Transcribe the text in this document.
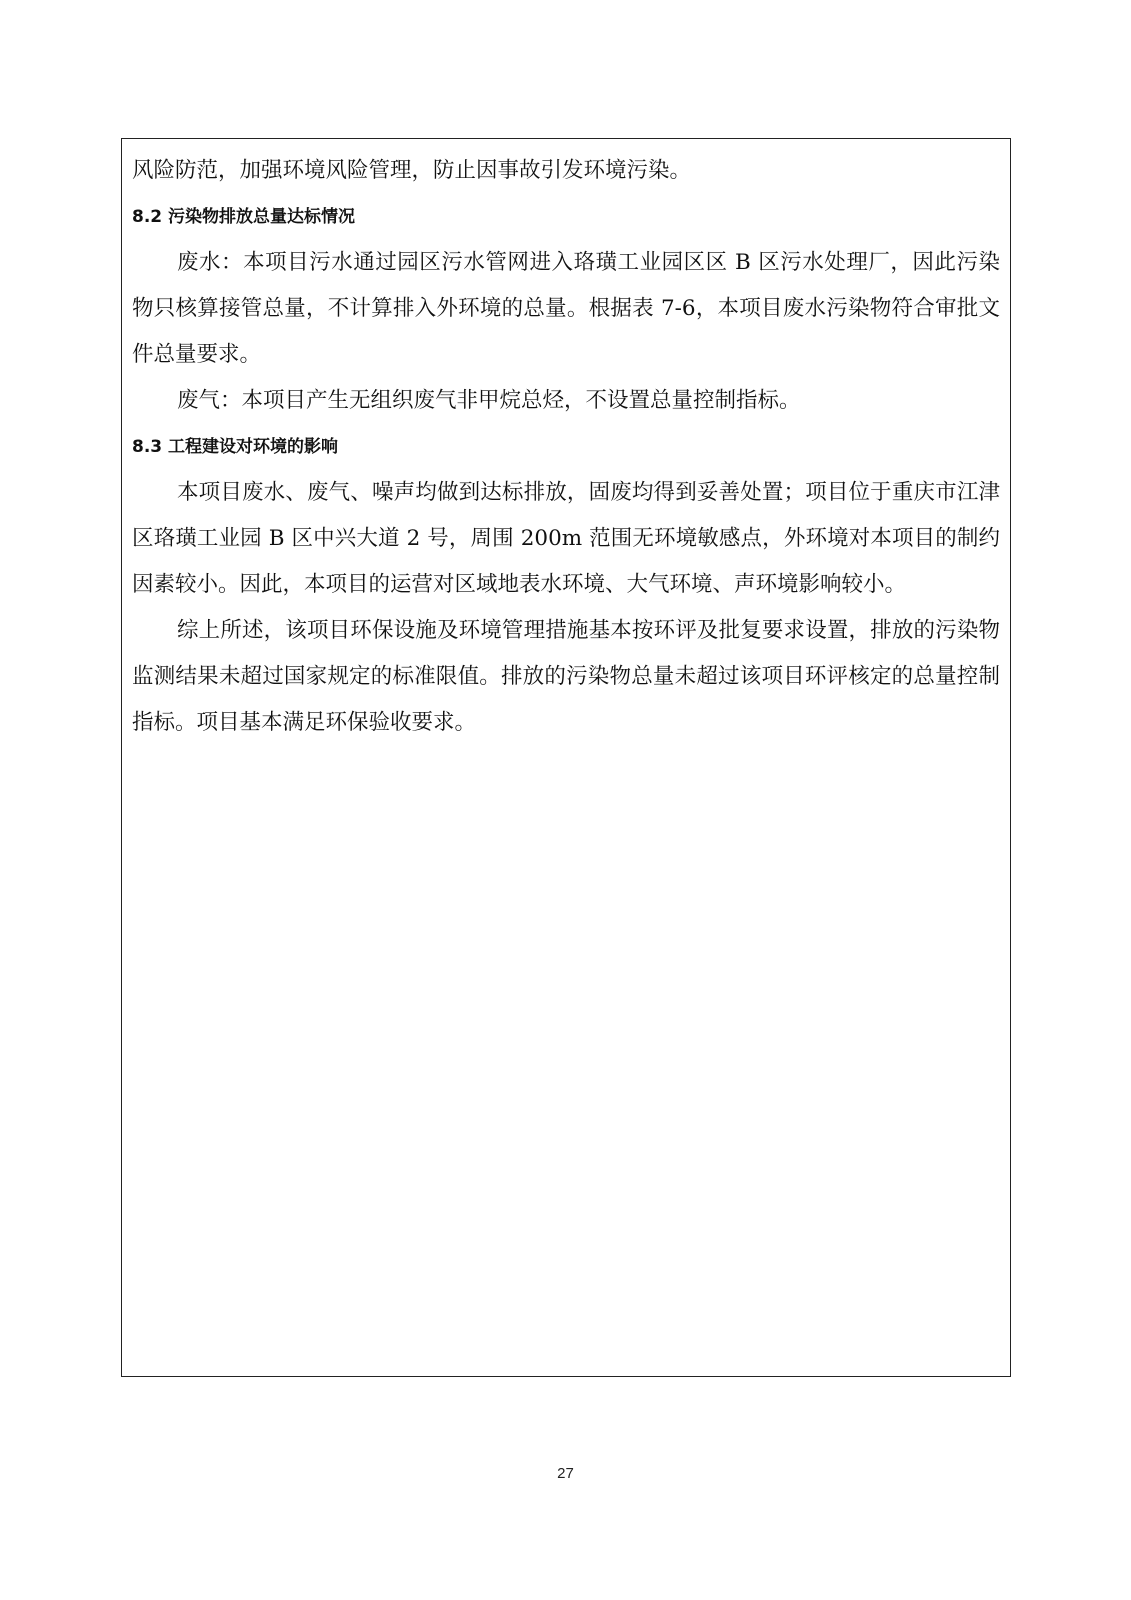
风险防范，加强环境风险管理，防止因事故引发环境污染。

8.2 污染物排放总量达标情况

废水：本项目污水通过园区污水管网进入珞璜工业园区区 B 区污水处理厂，因此污染物只核算接管总量，不计算排入外环境的总量。根据表 7-6，本项目废水污染物符合审批文件总量要求。

废气：本项目产生无组织废气非甲烷总烃，不设置总量控制指标。

8.3 工程建设对环境的影响

本项目废水、废气、噪声均做到达标排放，固废均得到妥善处置；项目位于重庆市江津区珞璜工业园 B 区中兴大道 2 号，周围 200m 范围无环境敏感点，外环境对本项目的制约因素较小。因此，本项目的运营对区域地表水环境、大气环境、声环境影响较小。

综上所述，该项目环保设施及环境管理措施基本按环评及批复要求设置，排放的污染物监测结果未超过国家规定的标准限值。排放的污染物总量未超过该项目环评核定的总量控制指标。项目基本满足环保验收要求。

27
